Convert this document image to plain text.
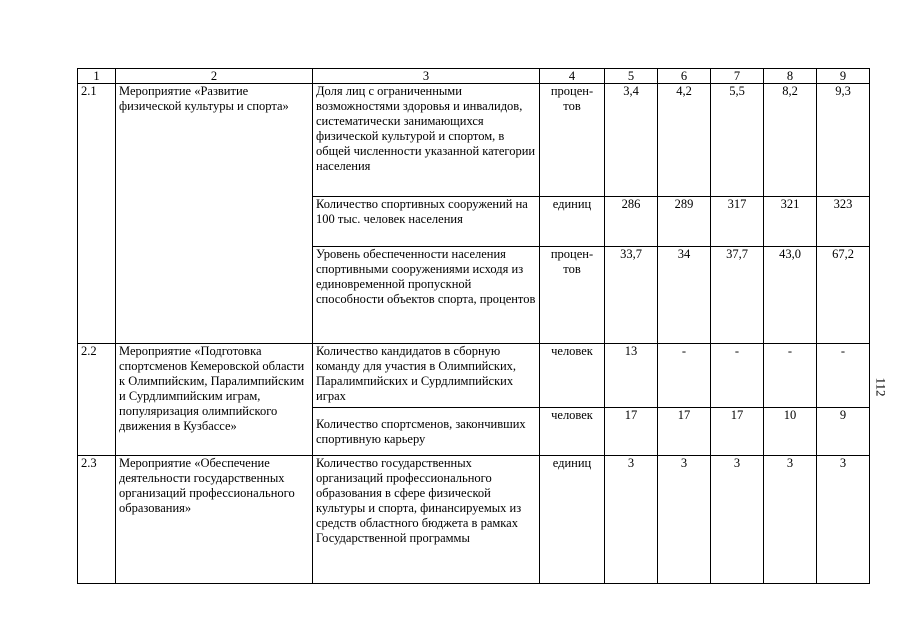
1	2	3	4	5	6	7	8	9
2.1	Мероприятие «Развитие физической культуры и спорта»	Доля лиц с ограниченными возможностями здоровья и инвалидов, систематически занимающихся физической культурой и спортом, в общей численности указанной категории населения	процен-тов	3,4	4,2	5,5	8,2	9,3
		Количество спортивных сооружений на 100 тыс. человек населения	единиц	286	289	317	321	323
		Уровень обеспеченности населения спортивными сооружениями исходя из единовременной пропускной способности объектов спорта, процентов	процен-тов	33,7	34	37,7	43,0	67,2
2.2	Мероприятие «Подготовка спортсменов Кемеровской области к Олимпийским, Паралимпийским и Сурдлимпийским играм, популяризация олимпийского движения в Кузбассе»	Количество кандидатов в сборную команду для участия в Олимпийских, Паралимпийских и Сурдлимпийских играх	человек	13	-	-	-	-
		Количество спортсменов, закончивших спортивную карьеру	человек	17	17	17	10	9
2.3	Мероприятие «Обеспечение деятельности государственных организаций профессионального образования»	Количество государственных организаций профессионального образования в сфере физической культуры и спорта, финансируемых из средств областного бюджета в рамках Государственной программы	единиц	3	3	3	3	3
112
